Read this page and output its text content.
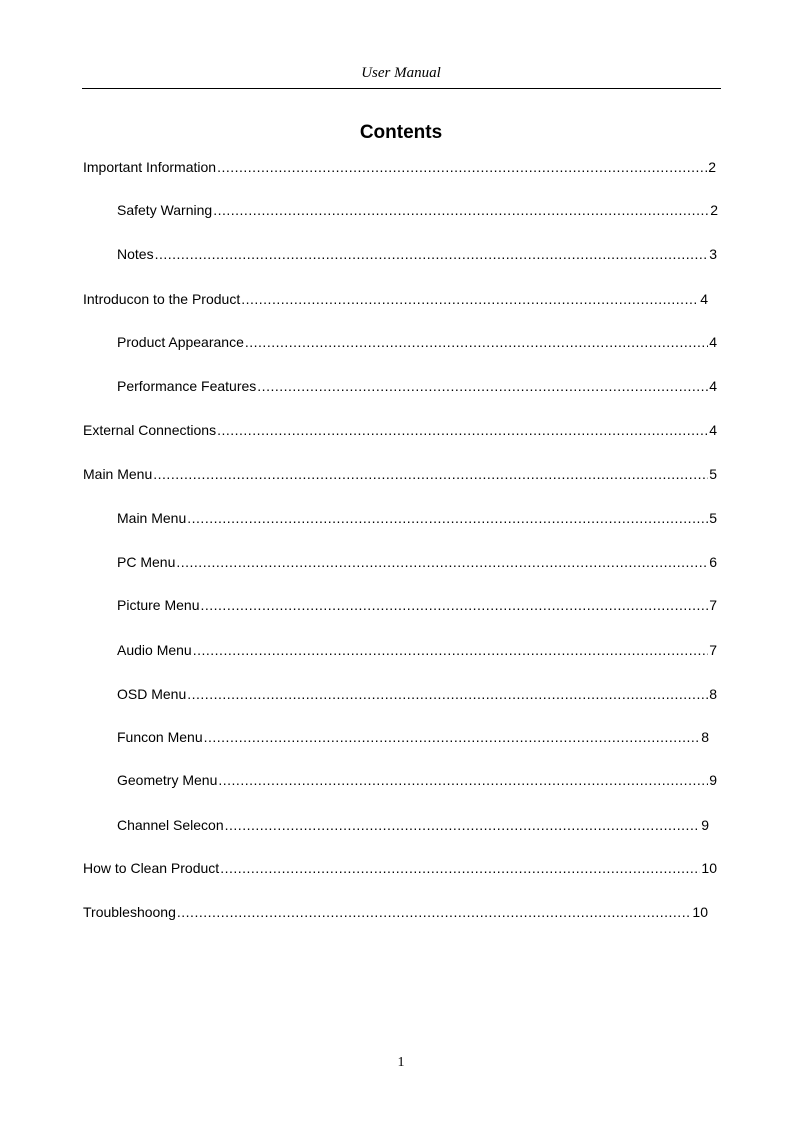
User Manual
Contents
Important Information .....	2
Safety Warning .....	2
Notes .....	3
Introducon to the Product .....	4
Product Appearance .....	4
Performance Features .....	4
External Connections .....	4
Main Menu .....	5
Main Menu .....	5
PC Menu .....	6
Picture Menu .....	7
Audio Menu .....	7
OSD Menu .....	8
Funcon Menu .....	8
Geometry Menu .....	9
Channel Selecon .....	9
How to Clean Product .....	10
Troubleshoong .....	10
1
